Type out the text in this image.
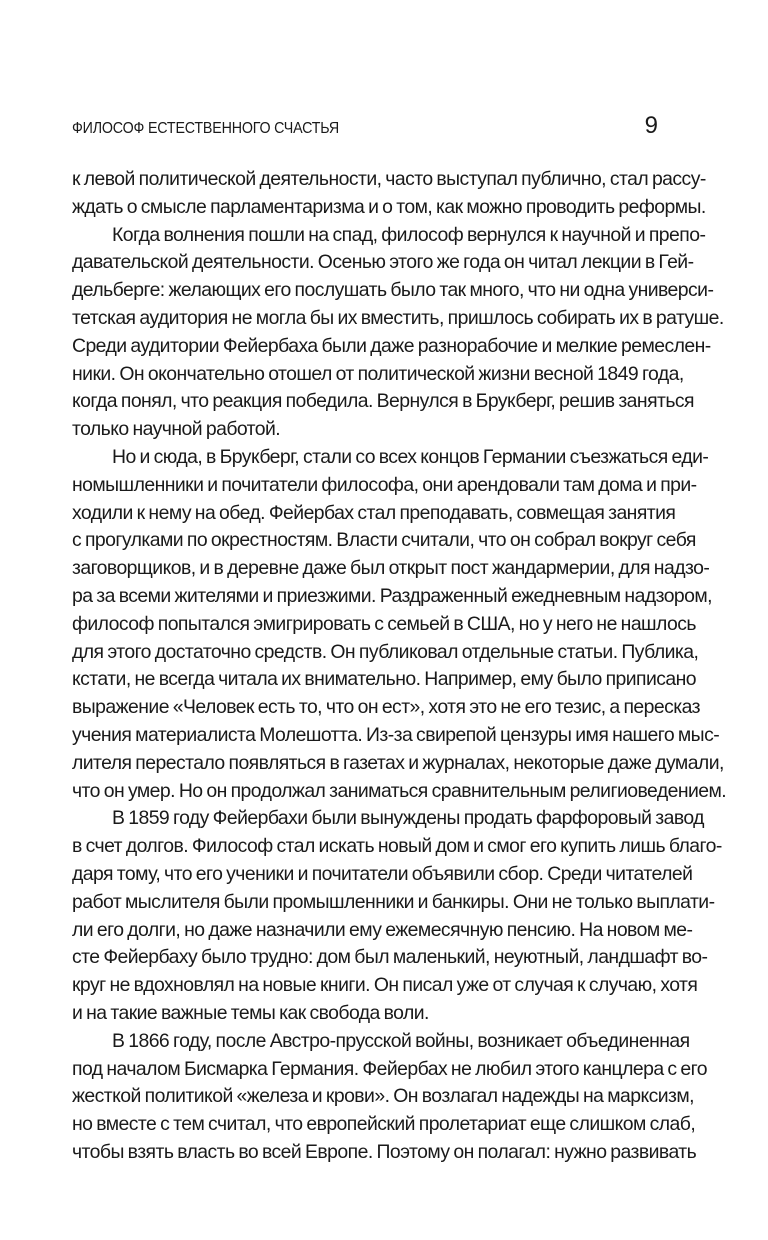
ФИЛОСОФ ЕСТЕСТВЕННОГО СЧАСТЬЯ	9
к левой политической деятельности, часто выступал публично, стал рассу-
ждать о смысле парламентаризма и о том, как можно проводить реформы.
Когда волнения пошли на спад, философ вернулся к научной и препо-
давательской деятельности. Осенью этого же года он читал лекции в Гей-
дельберге: желающих его послушать было так много, что ни одна универси-
тетская аудитория не могла бы их вместить, пришлось собирать их в ратуше.
Среди аудитории Фейербаха были даже разнорабочие и мелкие ремеслен-
ники. Он окончательно отошел от политической жизни весной 1849 года,
когда понял, что реакция победила. Вернулся в Брукберг, решив заняться
только научной работой.
Но и сюда, в Брукберг, стали со всех концов Германии съезжаться еди-
номышленники и почитатели философа, они арендовали там дома и при-
ходили к нему на обед. Фейербах стал преподавать, совмещая занятия
с прогулками по окрестностям. Власти считали, что он собрал вокруг себя
заговорщиков, и в деревне даже был открыт пост жандармерии, для надзо-
ра за всеми жителями и приезжими. Раздраженный ежедневным надзором,
философ попытался эмигрировать с семьей в США, но у него не нашлось
для этого достаточно средств. Он публиковал отдельные статьи. Публика,
кстати, не всегда читала их внимательно. Например, ему было приписано
выражение «Человек есть то, что он ест», хотя это не его тезис, а пересказ
учения материалиста Молешотта. Из-за свирепой цензуры имя нашего мыс-
лителя перестало появляться в газетах и журналах, некоторые даже думали,
что он умер. Но он продолжал заниматься сравнительным религиоведением.
В 1859 году Фейербахи были вынуждены продать фарфоровый завод
в счет долгов. Философ стал искать новый дом и смог его купить лишь благо-
даря тому, что его ученики и почитатели объявили сбор. Среди читателей
работ мыслителя были промышленники и банкиры. Они не только выплати-
ли его долги, но даже назначили ему ежемесячную пенсию. На новом ме-
сте Фейербаху было трудно: дом был маленький, неуютный, ландшафт во-
круг не вдохновлял на новые книги. Он писал уже от случая к случаю, хотя
и на такие важные темы как свобода воли.
В 1866 году, после Австро-прусской войны, возникает объединенная
под началом Бисмарка Германия. Фейербах не любил этого канцлера с его
жесткой политикой «железа и крови». Он возлагал надежды на марксизм,
но вместе с тем считал, что европейский пролетариат еще слишком слаб,
чтобы взять власть во всей Европе. Поэтому он полагал: нужно развивать
